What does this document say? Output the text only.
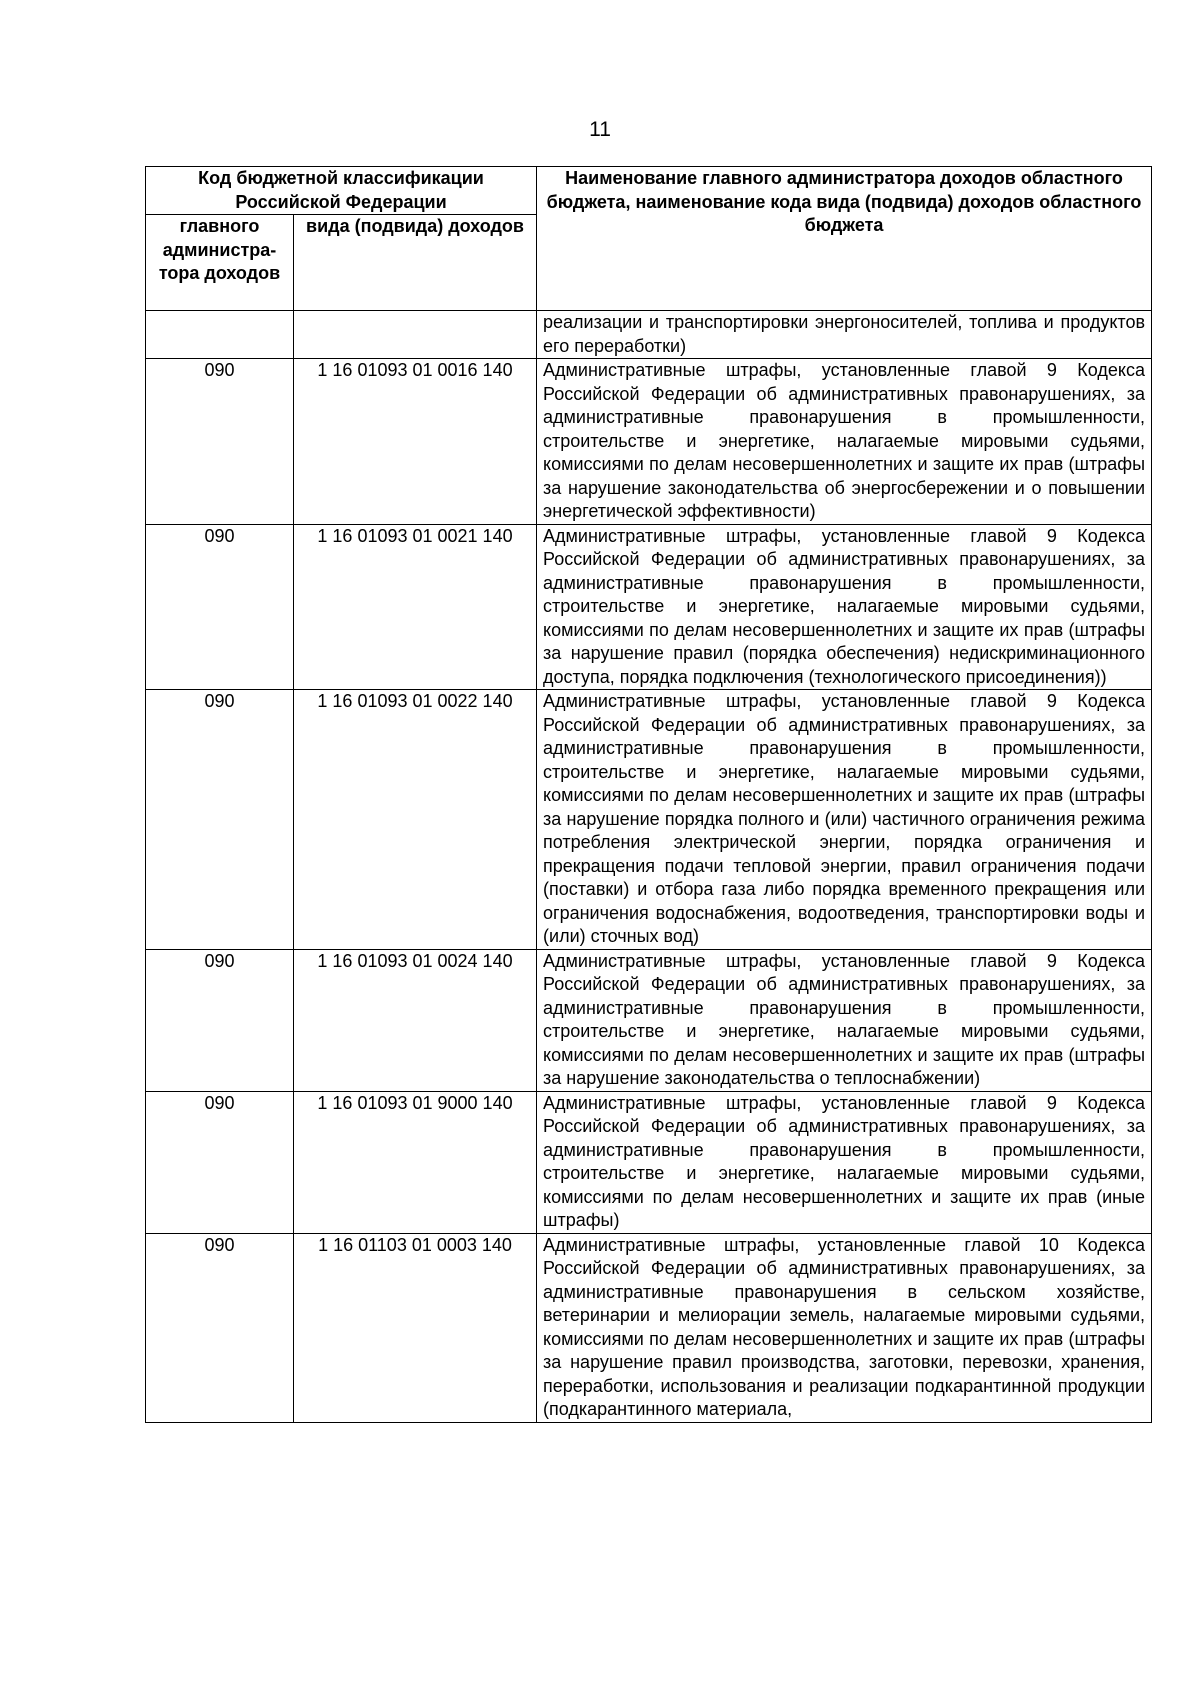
11
Код бюджетной классификации Российской Федерации		Наименование главного администратора доходов областного бюджета, наименование кода вида (подвида) доходов областного бюджета
главного администра-тора доходов	вида (подвида) доходов	
		реализации и транспортировки энергоносителей, топлива и продуктов его переработки)
090	1 16 01093 01 0016 140	Административные штрафы, установленные главой 9 Кодекса Российской Федерации об административных правонарушениях, за административные правонарушения в промышленности, строительстве и энергетике, налагаемые мировыми судьями, комиссиями по делам несовершеннолетних и защите их прав (штрафы за нарушение законодательства об энергосбережении и о повышении энергетической эффективности)
090	1 16 01093 01 0021 140	Административные штрафы, установленные главой 9 Кодекса Российской Федерации об административных правонарушениях, за административные правонарушения в промышленности, строительстве и энергетике, налагаемые мировыми судьями, комиссиями по делам несовершеннолетних и защите их прав (штрафы за нарушение правил (порядка обеспечения) недискриминационного доступа, порядка подключения (технологического присоединения))
090	1 16 01093 01 0022 140	Административные штрафы, установленные главой 9 Кодекса Российской Федерации об административных правонарушениях, за административные правонарушения в промышленности, строительстве и энергетике, налагаемые мировыми судьями, комиссиями по делам несовершеннолетних и защите их прав (штрафы за нарушение порядка полного и (или) частичного ограничения режима потребления электрической энергии, порядка ограничения и прекращения подачи тепловой энергии, правил ограничения подачи (поставки) и отбора газа либо порядка временного прекращения или ограничения водоснабжения, водоотведения, транспортировки воды и (или) сточных вод)
090	1 16 01093 01 0024 140	Административные штрафы, установленные главой 9 Кодекса Российской Федерации об административных правонарушениях, за административные правонарушения в промышленности, строительстве и энергетике, налагаемые мировыми судьями, комиссиями по делам несовершеннолетних и защите их прав (штрафы за нарушение законодательства о теплоснабжении)
090	1 16 01093 01 9000 140	Административные штрафы, установленные главой 9 Кодекса Российской Федерации об административных правонарушениях, за административные правонарушения в промышленности, строительстве и энергетике, налагаемые мировыми судьями, комиссиями по делам несовершеннолетних и защите их прав (иные штрафы)
090	1 16 01103 01 0003 140	Административные штрафы, установленные главой 10 Кодекса Российской Федерации об административных правонарушениях, за административные правонарушения в сельском хозяйстве, ветеринарии и мелиорации земель, налагаемые мировыми судьями, комиссиями по делам несовершеннолетних и защите их прав (штрафы за нарушение правил производства, заготовки, перевозки, хранения, переработки, использования и реализации подкарантинной продукции (подкарантинного материала,
